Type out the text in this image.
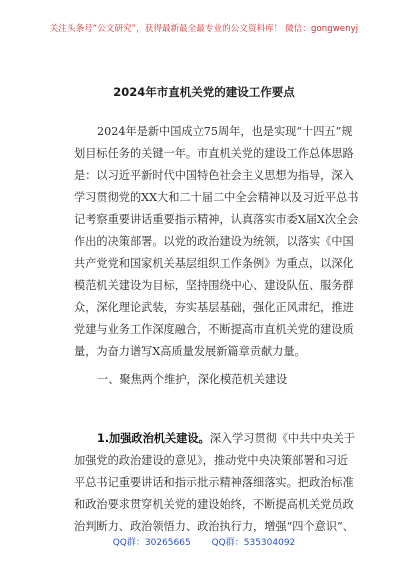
关注头条号“公文研究”，获得最新最全最专业的公文资料库！ 微信：gongwenyj
2024年市直机关党的建设工作要点
2024年是新中国成立75周年，也是实现“十四五”规
划目标任务的关键一年。市直机关党的建设工作总体思路
是：以习近平新时代中国特色社会主义思想为指导，深入
学习贯彻党的XX大和二十届二中全会精神以及习近平总书
记考察重要讲话重要指示精神，认真落实市委X届X次全会
作出的决策部署。以党的政治建设为统领，以落实《中国
共产党党和国家机关基层组织工作条例》为重点，以深化
模范机关建设为目标，坚持围绕中心、建设队伍、服务群
众，深化理论武装，夯实基层基础，强化正风肃纪，推进
党建与业务工作深度融合，不断提高市直机关党的建设质
量，为奋力谱写X高质量发展新篇章贡献力量。
一、聚焦两个维护，深化模范机关建设
1.加强政治机关建设。深入学习贯彻《中共中央关于
加强党的政治建设的意见》，推动党中央决策部署和习近
平总书记重要讲话和指示批示精神落细落实。把政治标准
和政治要求贯穿机关党的建设始终，不断提高机关党员政
治判断力、政治领悟力、政治执行力，增强“四个意识”、
QQ群：30265665 QQ群：535304092
